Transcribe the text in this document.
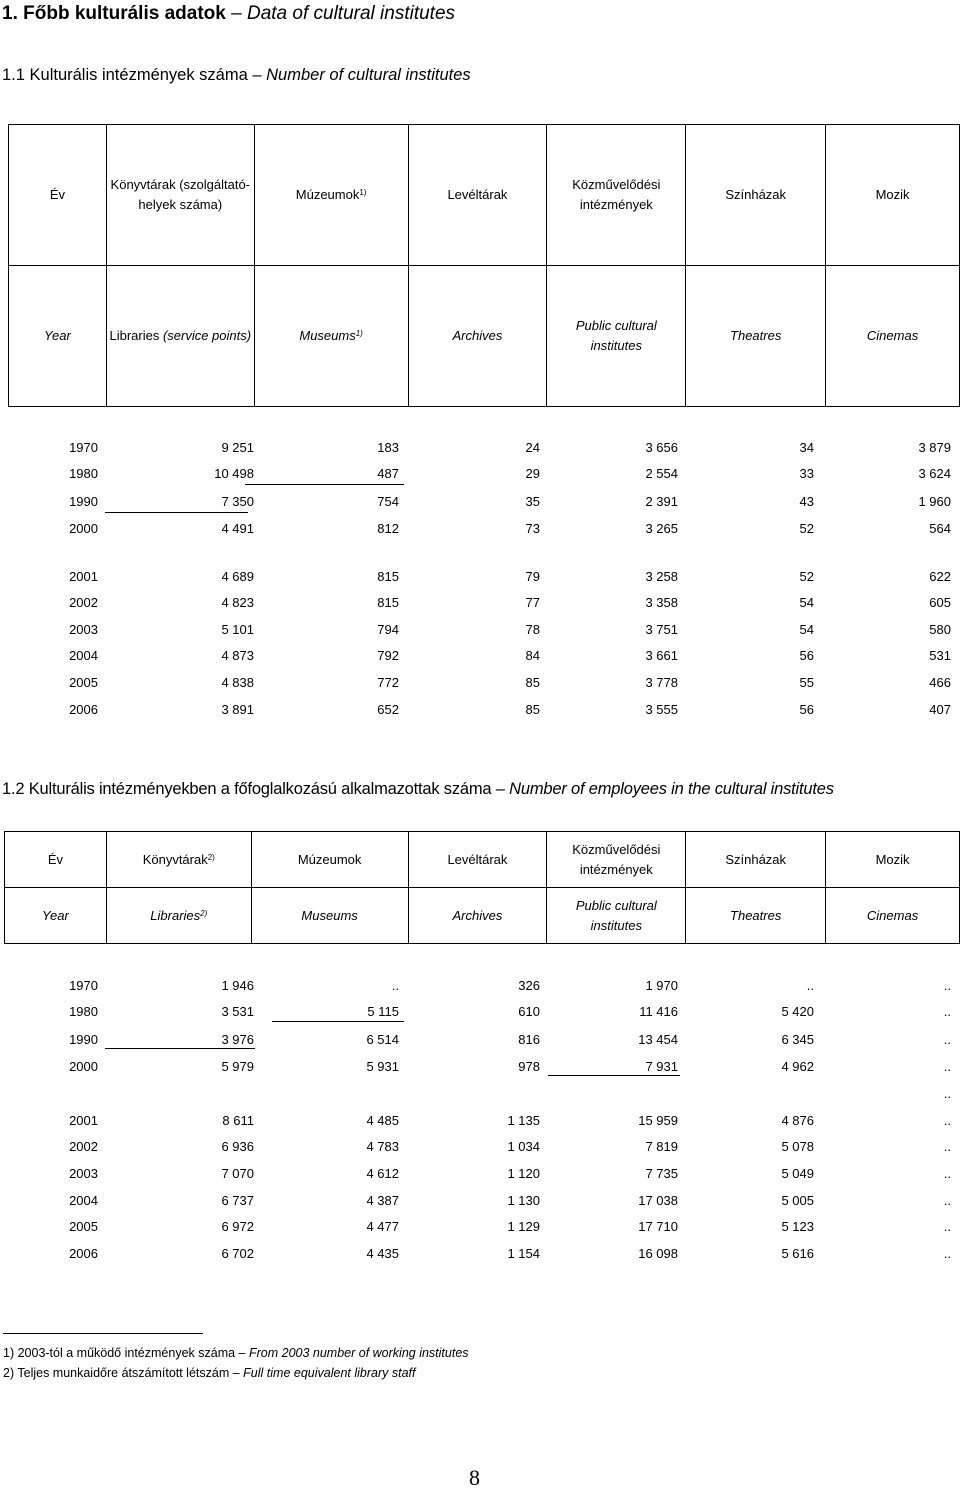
1. Főbb kulturális adatok – Data of cultural institutes
1.1 Kulturális intézmények száma – Number of cultural institutes
Év	Könyvtárak (szolgáltató-
helyek száma)	Múzeumok$^{1)}$	Levéltárak	Közművelődési
intézmények	Színházak	Mozik
Year	Libraries (service points)	Museums$^{1)}$	Archives	Public cultural
institutes	Theatres	Cinemas
1970	9 251	183	24	3 656	34	3 879
1980	10 498	487	29	2 554	33	3 624
1990	7 350	754	35	2 391	43	1 960
2000	4 491	812	73	3 265	52	564
2001	4 689	815	79	3 258	52	622
2002	4 823	815	77	3 358	54	605
2003	5 101	794	78	3 751	54	580
2004	4 873	792	84	3 661	56	531
2005	4 838	772	85	3 778	55	466
2006	3 891	652	85	3 555	56	407
1.2 Kulturális intézményekben a főfoglalkozású alkalmazottak száma – Number of employees in the cultural institutes
Év	Könyvtárak$^{2)}$	Múzeumok	Levéltárak	Közművelődési
intézmények	Színházak	Mozik
Year	Libraries$^{2)}$	Museums	Archives	Public cultural
institutes	Theatres	Cinemas
1970	1 946	..	326	1 970	..	..
1980	3 531	5 115	610	11 416	5 420	..
1990	3 976	6 514	816	13 454	6 345	..
2000	5 979	5 931	978	7 931	4 962	..
..
2001	8 611	4 485	1 135	15 959	4 876	..
2002	6 936	4 783	1 034	7 819	5 078	..
2003	7 070	4 612	1 120	7 735	5 049	..
2004	6 737	4 387	1 130	17 038	5 005	..
2005	6 972	4 477	1 129	17 710	5 123	..
2006	6 702	4 435	1 154	16 098	5 616	..
1) 2003-tól a működő intézmények száma – From 2003 number of working institutes
2) Teljes munkaidőre átszámított létszám – Full time equivalent library staff
8
